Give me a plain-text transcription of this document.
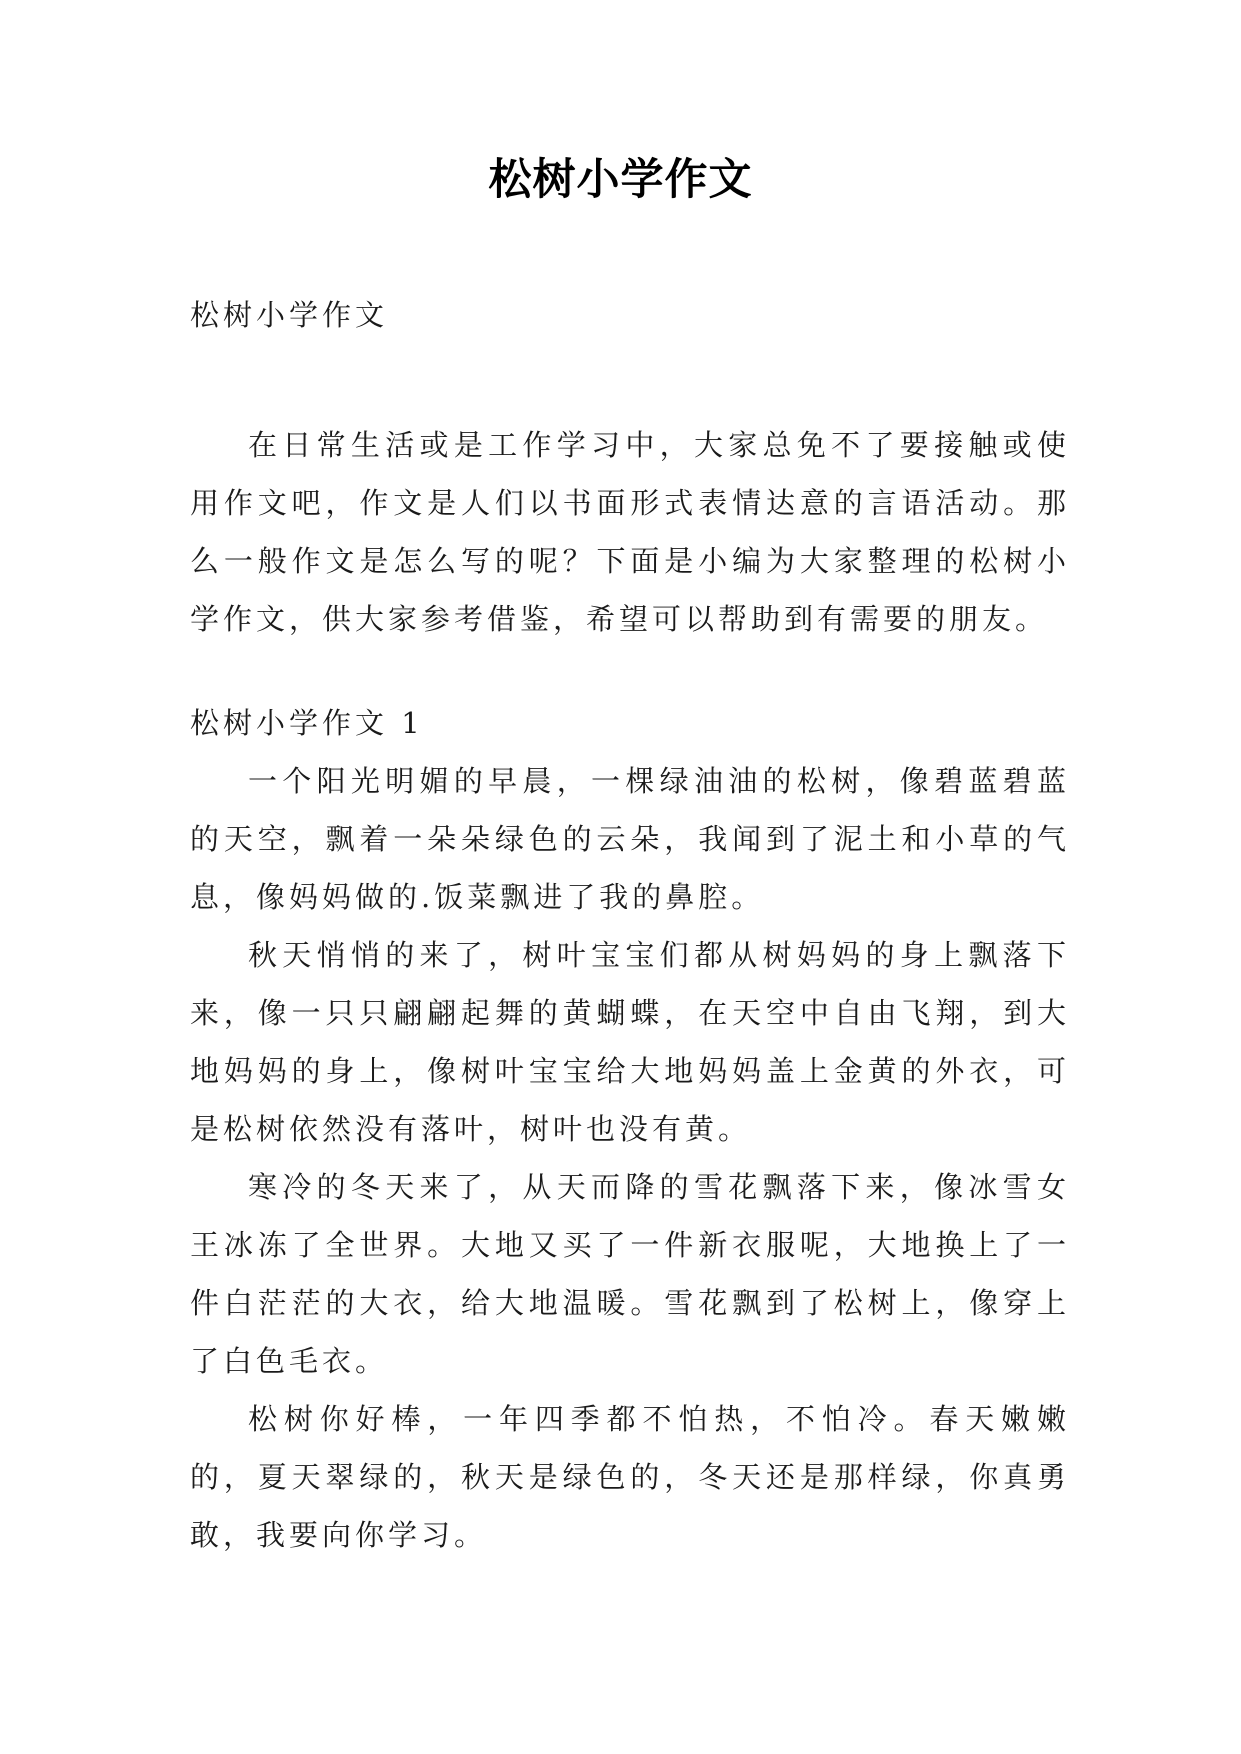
松树小学作文

松树小学作文

在日常生活或是工作学习中，大家总免不了要接触或使用作文吧，作文是人们以书面形式表情达意的言语活动。那么一般作文是怎么写的呢？下面是小编为大家整理的松树小学作文，供大家参考借鉴，希望可以帮助到有需要的朋友。

松树小学作文 1

一个阳光明媚的早晨，一棵绿油油的松树，像碧蓝碧蓝的天空，飘着一朵朵绿色的云朵，我闻到了泥土和小草的气息，像妈妈做的.饭菜飘进了我的鼻腔。

秋天悄悄的来了，树叶宝宝们都从树妈妈的身上飘落下来，像一只只翩翩起舞的黄蝴蝶，在天空中自由飞翔，到大地妈妈的身上，像树叶宝宝给大地妈妈盖上金黄的外衣，可是松树依然没有落叶，树叶也没有黄。

寒冷的冬天来了，从天而降的雪花飘落下来，像冰雪女王冰冻了全世界。大地又买了一件新衣服呢，大地换上了一件白茫茫的大衣，给大地温暖。雪花飘到了松树上，像穿上了白色毛衣。

松树你好棒，一年四季都不怕热，不怕冷。春天嫩嫩的，夏天翠绿的，秋天是绿色的，冬天还是那样绿，你真勇敢，我要向你学习。
